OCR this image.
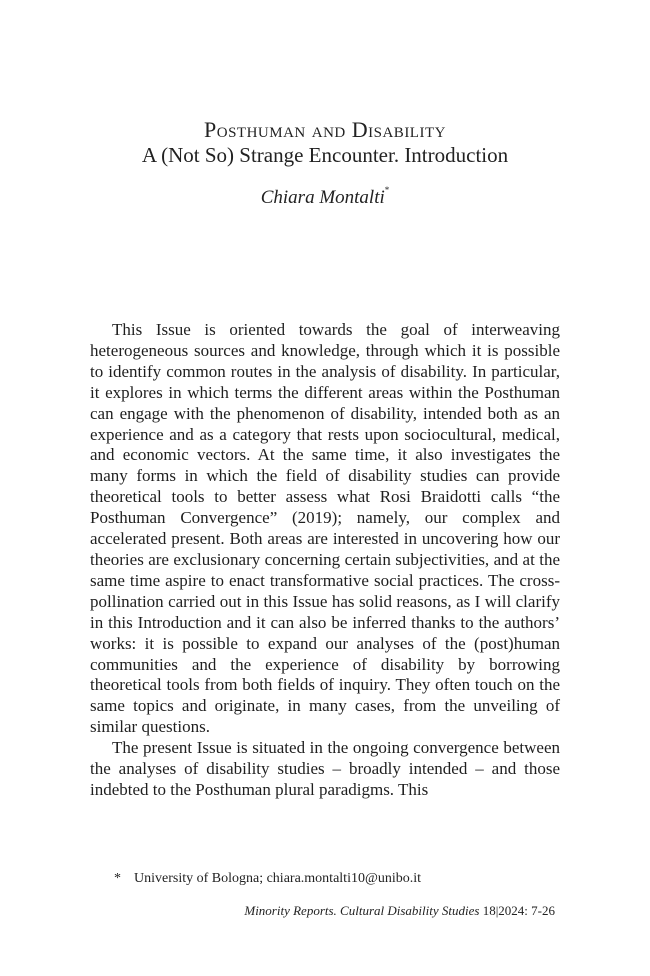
Posthuman and Disability
A (Not So) Strange Encounter. Introduction
Chiara Montalti*

This Issue is oriented towards the goal of interweaving heterogeneous sources and knowledge, through which it is possible to identify common routes in the analysis of disability. In particular, it explores in which terms the different areas within the Posthuman can engage with the phenomenon of disability, intended both as an experience and as a category that rests upon sociocultural, medical, and economic vectors. At the same time, it also investigates the many forms in which the field of disability studies can provide theoretical tools to better assess what Rosi Braidotti calls “the Posthuman Convergence” (2019); namely, our complex and accelerated present. Both areas are interested in uncovering how our theories are exclusionary concerning certain subjectivities, and at the same time aspire to enact transformative social practices. The cross-pollination carried out in this Issue has solid reasons, as I will clarify in this Introduction and it can also be inferred thanks to the authors’ works: it is possible to expand our analyses of the (post)human communities and the experience of disability by borrowing theoretical tools from both fields of inquiry. They often touch on the same topics and originate, in many cases, from the unveiling of similar questions.

The present Issue is situated in the ongoing convergence between the analyses of disability studies – broadly intended – and those indebted to the Posthuman plural paradigms. This

* University of Bologna; chiara.montalti10@unibo.it
Minority Reports. Cultural Disability Studies 18|2024: 7-26
